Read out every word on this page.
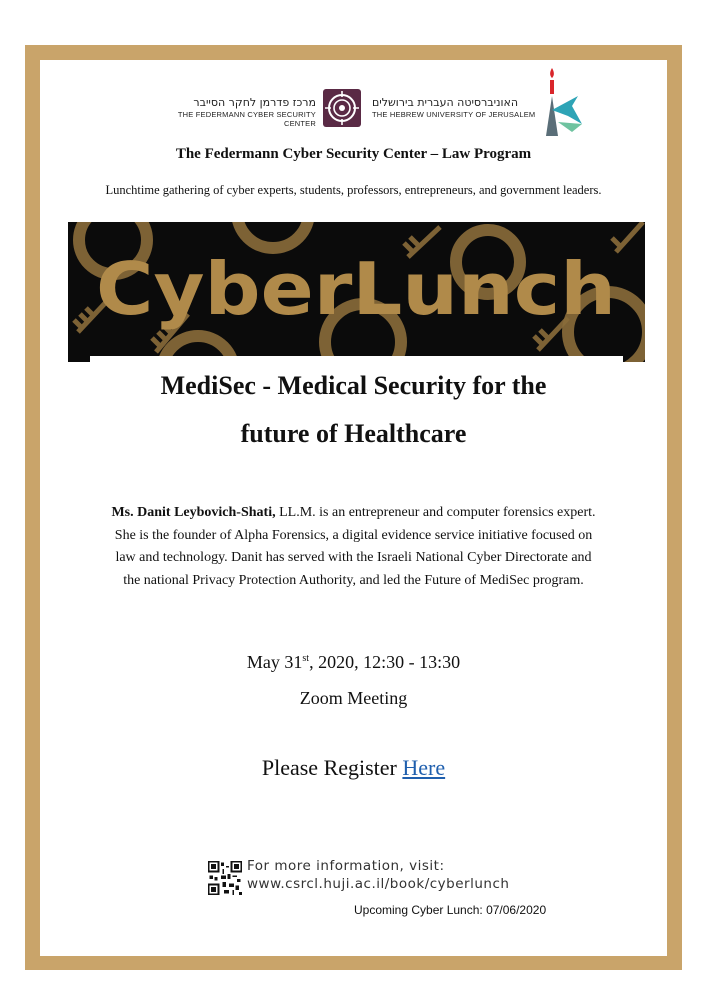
מרכז פדרמן לחקר הסייבר
THE FEDERMANN CYBER SECURITY CENTER
האוניברסיטה העברית בירושלים
THE HEBREW UNIVERSITY OF JERUSALEM
The Federmann Cyber Security Center – Law Program
Lunchtime gathering of cyber experts, students, professors, entrepreneurs, and government leaders.
CyberLunch
MediSec - Medical Security for the
future of Healthcare
Ms. Danit Leybovich-Shati, LL.M. is an entrepreneur and computer forensics expert. She is the founder of Alpha Forensics, a digital evidence service initiative focused on law and technology. Danit has served with the Israeli National Cyber Directorate and the national Privacy Protection Authority, and led the Future of MediSec program.
May 31st, 2020, 12:30 - 13:30
Zoom Meeting
Please Register Here
For more information, visit:
www.csrcl.huji.ac.il/book/cyberlunch
Upcoming Cyber Lunch: 07/06/2020
